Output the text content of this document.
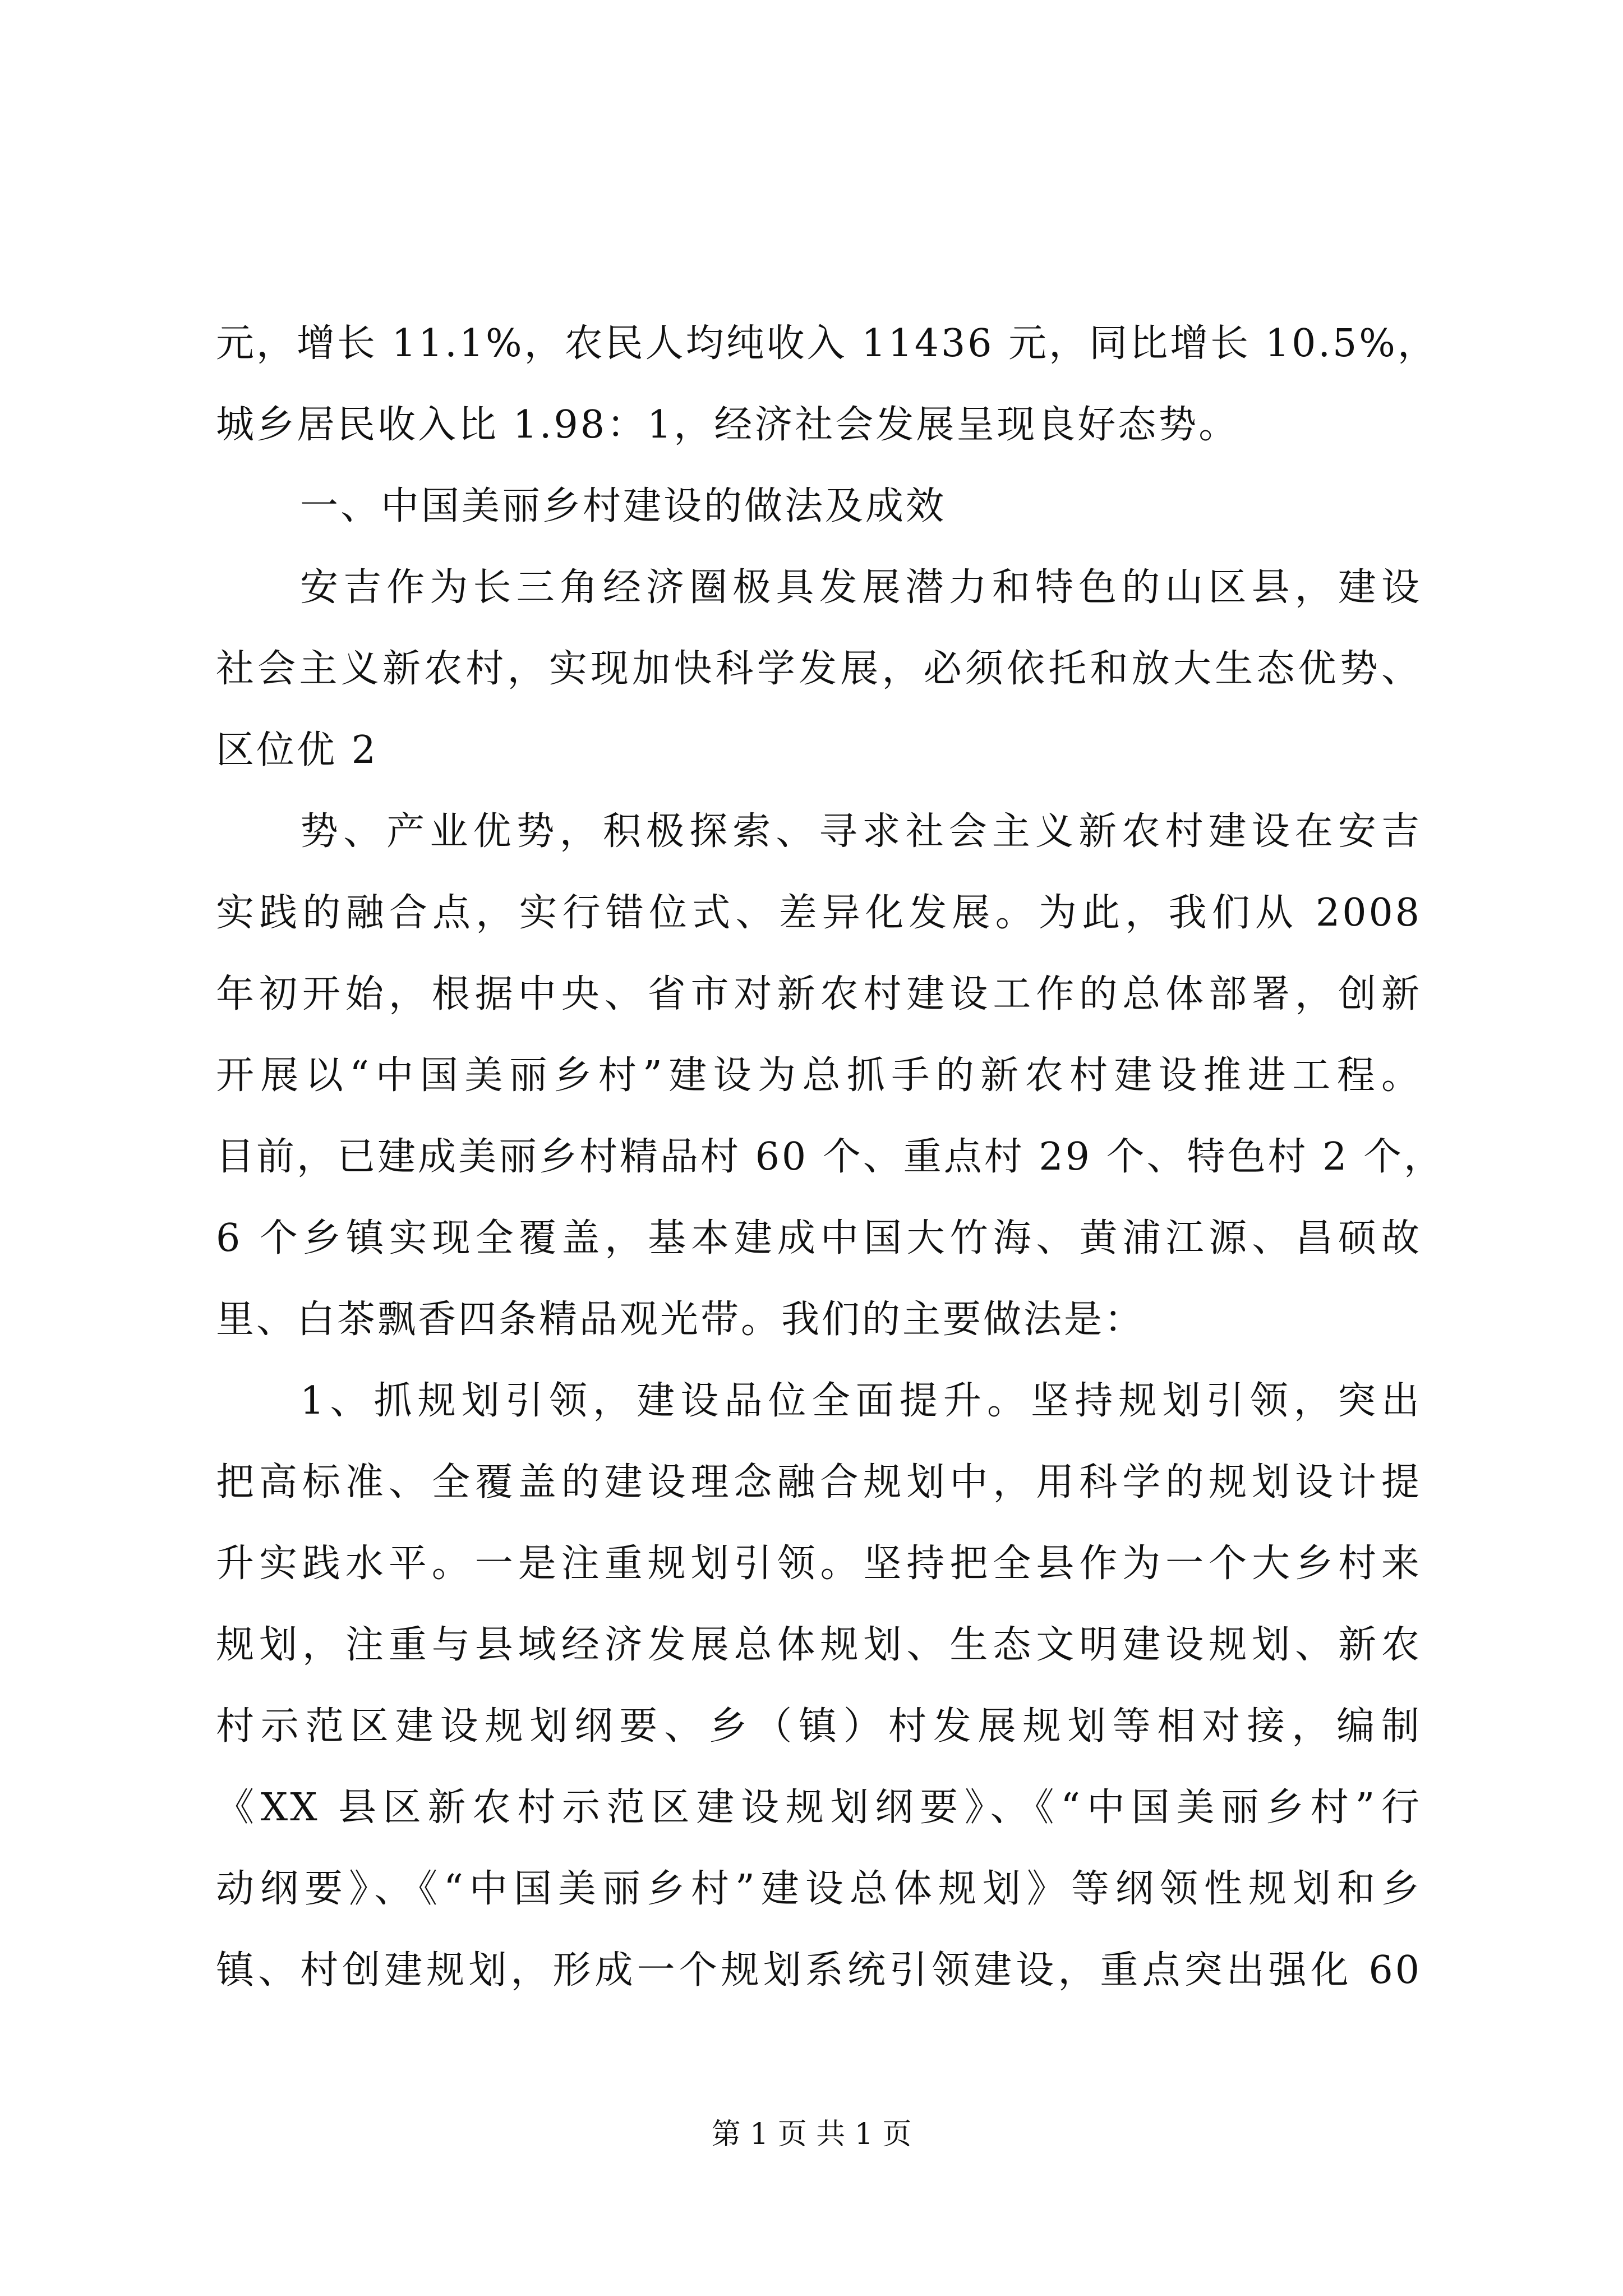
元，增长 11.1%，农民人均纯收入 11436 元，同比增长 10.5%，
城乡居民收入比 1.98：1，经济社会发展呈现良好态势。
一、中国美丽乡村建设的做法及成效
安吉作为长三角经济圈极具发展潜力和特色的山区县，建设
社会主义新农村，实现加快科学发展，必须依托和放大生态优势、
区位优 2
势、产业优势，积极探索、寻求社会主义新农村建设在安吉
实践的融合点，实行错位式、差异化发展。为此，我们从 2008
年初开始，根据中央、省市对新农村建设工作的总体部署，创新
开展以“中国美丽乡村”建设为总抓手的新农村建设推进工程。
目前，已建成美丽乡村精品村 60 个、重点村 29 个、特色村 2 个，
6 个乡镇实现全覆盖，基本建成中国大竹海、黄浦江源、昌硕故
里、白茶飘香四条精品观光带。我们的主要做法是：
1、抓规划引领，建设品位全面提升。坚持规划引领，突出
把高标准、全覆盖的建设理念融合规划中，用科学的规划设计提
升实践水平。一是注重规划引领。坚持把全县作为一个大乡村来
规划，注重与县域经济发展总体规划、生态文明建设规划、新农
村示范区建设规划纲要、乡（镇）村发展规划等相对接，编制
《XX 县区新农村示范区建设规划纲要》、《“中国美丽乡村”行
动纲要》、《“中国美丽乡村”建设总体规划》等纲领性规划和乡
镇、村创建规划，形成一个规划系统引领建设，重点突出强化 60
第 1 页 共 1 页
